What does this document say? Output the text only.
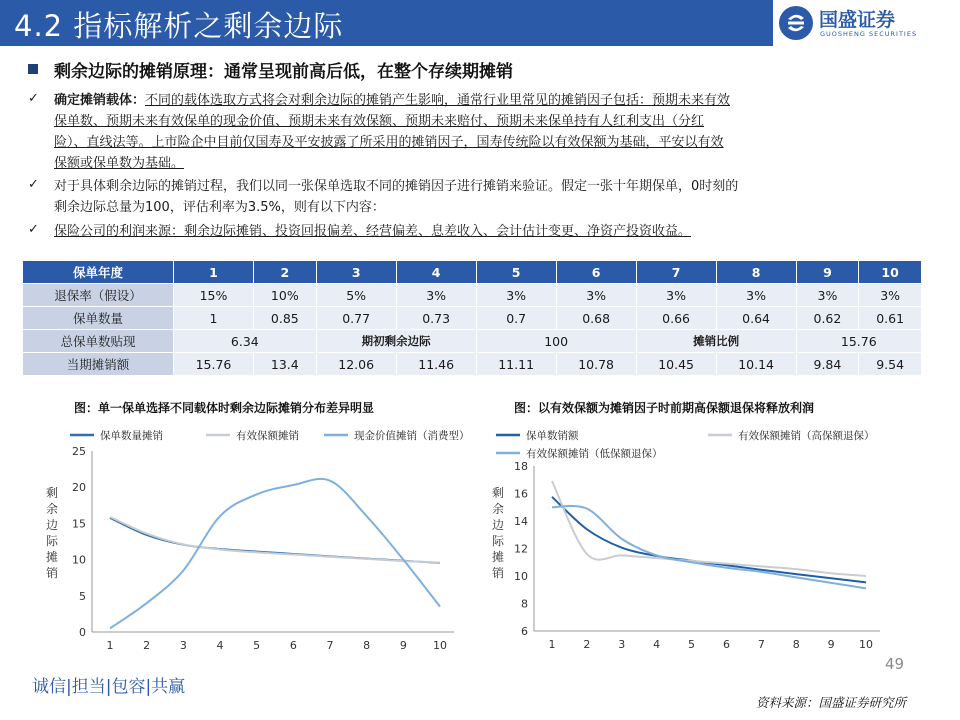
4.2 指标解析之剩余边际	国盛证券
GUOSHENG SECURITIES
剩余边际的摊销原理：通常呈现前高后低，在整个存续期摊销
✓ 确定摊销载体：不同的载体选取方式将会对剩余边际的摊销产生影响，通常行业里常见的摊销因子包括：预期未来有效
保单数、预期未来有效保单的现金价值、预期未来有效保额、预期未来赔付、预期未来保单持有人红利支出（分红
险）、直线法等。上市险企中目前仅国寿及平安披露了所采用的摊销因子，国寿传统险以有效保额为基础，平安以有效
保额或保单数为基础。
✓ 对于具体剩余边际的摊销过程，我们以同一张保单选取不同的摊销因子进行摊销来验证。假定一张十年期保单，0时刻的
剩余边际总量为100，评估利率为3.5%，则有以下内容：
✓ 保险公司的利润来源：剩余边际摊销、投资回报偏差、经营偏差、息差收入、会计估计变更、净资产投资收益。
保单年度	1	2	3	4	5	6	7	8	9	10
退保率（假设）	15%	10%	5%	3%	3%	3%	3%	3%	3%	3%
保单数量	1	0.85	0.77	0.73	0.7	0.68	0.66	0.64	0.62	0.61
总保单数贴现	6.34		期初剩余边际		100		摊销比例		15.76	
当期摊销额	15.76	13.4	12.06	11.46	11.11	10.78	10.45	10.14	9.84	9.54
图：单一保单选择不同载体时剩余边际摊销分布差异明显	图：以有效保额为摊销因子时前期高保额退保将释放利润
剩
余
边
际
摊
销
剩
余
边
际
摊
销
0
5
10
15
20
25
1	2	3	4	5	6	7	8	9 10
保单数量摊销	有效保额摊销	现金价值摊销（消费型）
6
8
10
12
14
16
18
1	2	3	4	5	6	7	8	9 10
保单数销额	有效保额摊销（高保额退保）
有效保额摊销（低保额退保）
诚信|担当|包容|共赢
49
资料来源：国盛证券研究所
